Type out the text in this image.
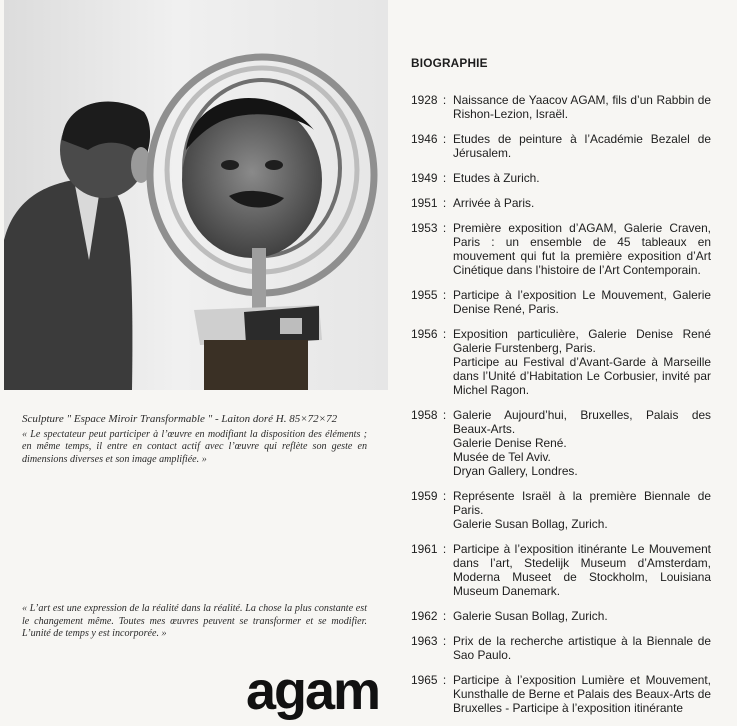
Sculpture " Espace Miroir Transformable " - Laiton doré H. 85×72×72

« Le spectateur peut participer à l’œuvre en modifiant la disposition des éléments ; en même temps, il entre en contact actif avec l’œuvre qui reflète son geste en dimensions diverses et son image amplifiée. »

« L’art est une expression de la réalité dans la réalité. La chose la plus constante est le changement même. Toutes mes œuvres peuvent se transformer et se modifier. L’unité de temps y est incorporée. »

agam
BIOGRAPHIE
1928 : Naissance de Yaacov AGAM, fils d’un Rabbin de Rishon-Lezion, Israël.
1946 : Etudes de peinture à l’Académie Bezalel de Jérusalem.
1949 : Etudes à Zurich.
1951 : Arrivée à Paris.
1953 : Première exposition d’AGAM, Galerie Craven, Paris : un ensemble de 45 tableaux en mouvement qui fut la première exposition d’Art Cinétique dans l’histoire de l’Art Contemporain.
1955 : Participe à l’exposition Le Mouvement, Galerie Denise René, Paris.
1956 : Exposition particulière, Galerie Denise René Galerie Furstenberg, Paris.
Participe au Festival d’Avant-Garde à Marseille dans l’Unité d’Habitation Le Corbusier, invité par Michel Ragon.
1958 : Galerie Aujourd’hui, Bruxelles, Palais des Beaux-Arts.
Galerie Denise René.
Musée de Tel Aviv.
Dryan Gallery, Londres.
1959 : Représente Israël à la première Biennale de Paris.
Galerie Susan Bollag, Zurich.
1961 : Participe à l’exposition itinérante Le Mouvement dans l’art, Stedelijk Museum d’Amsterdam, Moderna Museet de Stockholm, Louisiana Museum Danemark.
1962 : Galerie Susan Bollag, Zurich.
1963 : Prix de la recherche artistique à la Biennale de Sao Paulo.
1965 : Participe à l’exposition Lumière et Mouvement, Kunsthalle de Berne et Palais des Beaux-Arts de Bruxelles - Participe à l’exposition itinérante
